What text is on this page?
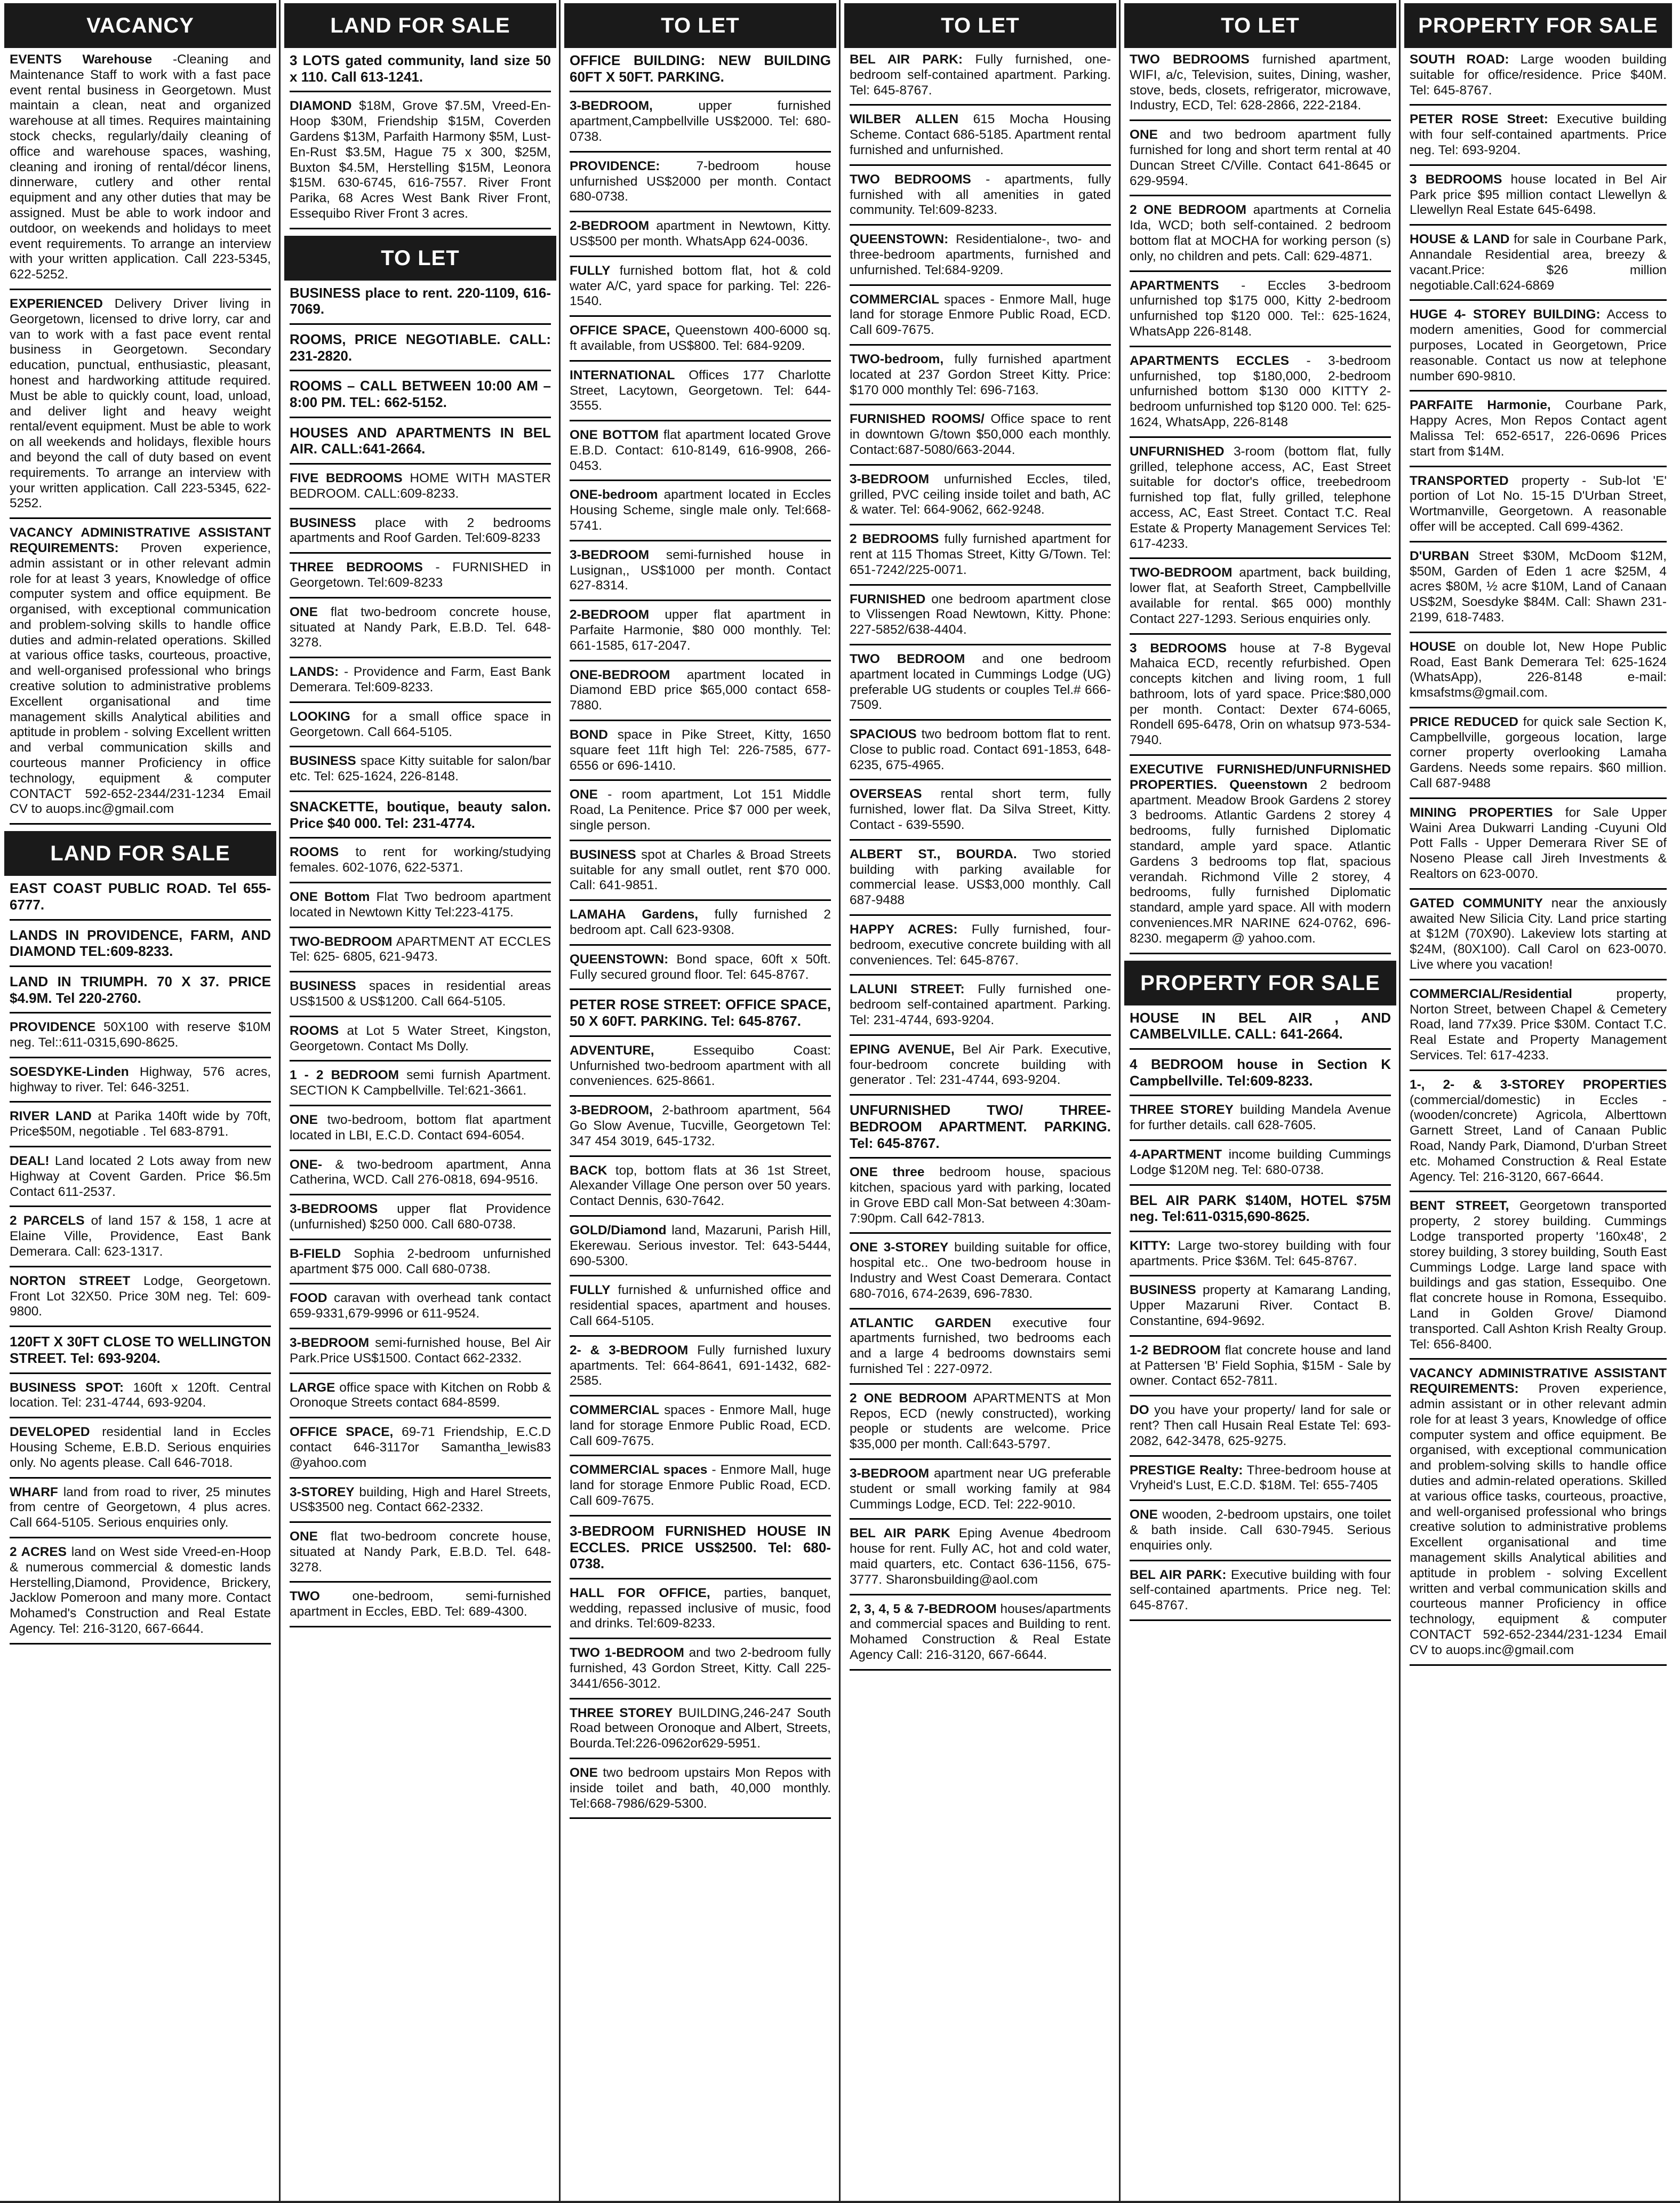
VACANCY
EVENTS Warehouse -Cleaning and Maintenance Staff to work with a fast pace event rental business in Georgetown. Must maintain a clean, neat and organized warehouse at all times. Requires maintaining stock checks, regularly/daily cleaning of office and warehouse spaces, washing, cleaning and ironing of rental/décor linens, dinnerware, cutlery and other rental equipment and any other duties that may be assigned. Must be able to work indoor and outdoor, on weekends and holidays to meet event requirements. To arrange an interview with your written application. Call 223-5345, 622-5252.
EXPERIENCED Delivery Driver living in Georgetown, licensed to drive lorry, car and van to work with a fast pace event rental business in Georgetown. Secondary education, punctual, enthusiastic, pleasant, honest and hardworking attitude required. Must be able to quickly count, load, unload, and deliver light and heavy weight rental/event equipment. Must be able to work on all weekends and holidays, flexible hours and beyond the call of duty based on event requirements. To arrange an interview with your written application. Call 223-5345, 622-5252.
VACANCY ADMINISTRATIVE ASSISTANT REQUIREMENTS: Proven experience, admin assistant or in other relevant admin role for at least 3 years, Knowledge of office computer system and office equipment. Be organised, with exceptional communication and problem-solving skills to handle office duties and admin-related operations. Skilled at various office tasks, courteous, proactive, and well-organised professional who brings creative solution to administrative problems Excellent organisational and time management skills Analytical abilities and aptitude in problem - solving Excellent written and verbal communication skills and courteous manner Proficiency in office technology, equipment & computer CONTACT 592-652-2344/231-1234 Email CV to auops.inc@gmail.com
LAND FOR SALE
EAST COAST PUBLIC ROAD. Tel 655-6777.
LANDS IN PROVIDENCE, FARM, AND DIAMOND TEL:609-8233.
LAND IN TRIUMPH. 70 X 37. PRICE $4.9M. Tel 220-2760.
PROVIDENCE 50X100 with reserve $10M neg. Tel::611-0315,690-8625.
SOESDYKE-Linden Highway, 576 acres, highway to river. Tel: 646-3251.
RIVER LAND at Parika 140ft wide by 70ft, Price$50M, negotiable . Tel 683-8791.
DEAL! Land located 2 Lots away from new Highway at Covent Garden. Price $6.5m Contact 611-2537.
2 PARCELS of land 157 & 158, 1 acre at Elaine Ville, Providence, East Bank Demerara. Call: 623-1317.
NORTON STREET Lodge, Georgetown. Front Lot 32X50. Price 30M neg. Tel: 609-9800.
120FT X 30FT CLOSE TO WELLINGTON STREET. Tel: 693-9204.
BUSINESS SPOT: 160ft x 120ft. Central location. Tel: 231-4744, 693-9204.
DEVELOPED residential land in Eccles Housing Scheme, E.B.D. Serious enquiries only. No agents please. Call 646-7018.
WHARF land from road to river, 25 minutes from centre of Georgetown, 4 plus acres. Call 664-5105. Serious enquiries only.
2 ACRES land on West side Vreed-en-Hoop & numerous commercial & domestic lands Herstelling,Diamond, Providence, Brickery, Jacklow Pomeroon and many more. Contact Mohamed's Construction and Real Estate Agency. Tel: 216-3120, 667-6644.
LAND FOR SALE
3 LOTS gated community, land size 50 x 110. Call 613-1241.
DIAMOND $18M, Grove $7.5M, Vreed-En-Hoop $30M, Friendship $15M, Coverden Gardens $13M, Parfaith Harmony $5M, Lust-En-Rust $3.5M, Hague 75 x 300, $25M, Buxton $4.5M, Herstelling $15M, Leonora $15M. 630-6745, 616-7557. River Front Parika, 68 Acres West Bank River Front, Essequibo River Front 3 acres.
TO LET
BUSINESS place to rent. 220-1109, 616-7069.
ROOMS, PRICE NEGOTIABLE. CALL: 231-2820.
ROOMS – CALL BETWEEN 10:00 AM – 8:00 PM. TEL: 662-5152.
HOUSES AND APARTMENTS IN BEL AIR. CALL:641-2664.
FIVE BEDROOMS HOME WITH MASTER BEDROOM. CALL:609-8233.
BUSINESS place with 2 bedrooms apartments and Roof Garden. Tel:609-8233
THREE BEDROOMS - FURNISHED in Georgetown. Tel:609-8233
ONE flat two-bedroom concrete house, situated at Nandy Park, E.B.D. Tel. 648-3278.
LANDS: - Providence and Farm, East Bank Demerara. Tel:609-8233.
LOOKING for a small office space in Georgetown. Call 664-5105.
BUSINESS space Kitty suitable for salon/bar etc. Tel: 625-1624, 226-8148.
SNACKETTE, boutique, beauty salon. Price $40 000. Tel: 231-4774.
ROOMS to rent for working/studying females. 602-1076, 622-5371.
ONE Bottom Flat Two bedroom apartment located in Newtown Kitty Tel:223-4175.
TWO-BEDROOM APARTMENT AT ECCLES Tel: 625- 6805, 621-9473.
BUSINESS spaces in residential areas US$1500 & US$1200. Call 664-5105.
ROOMS at Lot 5 Water Street, Kingston, Georgetown. Contact Ms Dolly.
1 - 2 BEDROOM semi furnish Apartment. SECTION K Campbellville. Tel:621-3661.
ONE two-bedroom, bottom flat apartment located in LBI, E.C.D. Contact 694-6054.
ONE- & two-bedroom apartment, Anna Catherina, WCD. Call 276-0818, 694-9516.
3-BEDROOMS upper flat Providence (unfurnished) $250 000. Call 680-0738.
B-FIELD Sophia 2-bedroom unfurnished apartment $75 000. Call 680-0738.
FOOD caravan with overhead tank contact 659-9331,679-9996 or 611-9524.
3-BEDROOM semi-furnished house, Bel Air Park.Price US$1500. Contact 662-2332.
LARGE office space with Kitchen on Robb & Oronoque Streets contact 684-8599.
OFFICE SPACE, 69-71 Friendship, E.C.D contact 646-3117or Samantha_lewis83 @yahoo.com
3-STOREY building, High and Harel Streets, US$3500 neg. Contact 662-2332.
ONE flat two-bedroom concrete house, situated at Nandy Park, E.B.D. Tel. 648-3278.
TWO one-bedroom, semi-furnished apartment in Eccles, EBD. Tel: 689-4300.
TO LET
OFFICE BUILDING: NEW BUILDING 60FT X 50FT. PARKING.
3-BEDROOM, upper furnished apartment,Campbellville US$2000. Tel: 680-0738.
PROVIDENCE: 7-bedroom house unfurnished US$2000 per month. Contact 680-0738.
2-BEDROOM apartment in Newtown, Kitty. US$500 per month. WhatsApp 624-0036.
FULLY furnished bottom flat, hot & cold water A/C, yard space for parking. Tel: 226-1540.
OFFICE SPACE, Queenstown 400-6000 sq. ft available, from US$800. Tel: 684-9209.
INTERNATIONAL Offices 177 Charlotte Street, Lacytown, Georgetown. Tel: 644-3555.
ONE BOTTOM flat apartment located Grove E.B.D. Contact: 610-8149, 616-9908, 266-0453.
ONE-bedroom apartment located in Eccles Housing Scheme, single male only. Tel:668-5741.
3-BEDROOM semi-furnished house in Lusignan,, US$1000 per month. Contact 627-8314.
2-BEDROOM upper flat apartment in Parfaite Harmonie, $80 000 monthly. Tel: 661-1585, 617-2047.
ONE-BEDROOM apartment located in Diamond EBD price $65,000 contact 658-7880.
BOND space in Pike Street, Kitty, 1650 square feet 11ft high Tel: 226-7585, 677-6556 or 696-1410.
ONE - room apartment, Lot 151 Middle Road, La Penitence. Price $7 000 per week, single person.
BUSINESS spot at Charles & Broad Streets suitable for any small outlet, rent $70 000. Call: 641-9851.
LAMAHA Gardens, fully furnished 2 bedroom apt. Call 623-9308.
QUEENSTOWN: Bond space, 60ft x 50ft. Fully secured ground floor. Tel: 645-8767.
PETER ROSE STREET: OFFICE SPACE, 50 X 60FT. PARKING. Tel: 645-8767.
ADVENTURE, Essequibo Coast: Unfurnished two-bedroom apartment with all conveniences. 625-8661.
3-BEDROOM, 2-bathroom apartment, 564 Go Slow Avenue, Tucville, Georgetown Tel: 347 454 3019, 645-1732.
BACK top, bottom flats at 36 1st Street, Alexander Village One person over 50 years. Contact Dennis, 630-7642.
GOLD/Diamond land, Mazaruni, Parish Hill, Ekerewau. Serious investor. Tel: 643-5444, 690-5300.
FULLY furnished & unfurnished office and residential spaces, apartment and houses. Call 664-5105.
2- & 3-BEDROOM Fully furnished luxury apartments. Tel: 664-8641, 691-1432, 682-2585.
COMMERCIAL spaces - Enmore Mall, huge land for storage Enmore Public Road, ECD. Call 609-7675.
COMMERCIAL spaces - Enmore Mall, huge land for storage Enmore Public Road, ECD. Call 609-7675.
3-BEDROOM FURNISHED HOUSE IN ECCLES. PRICE US$2500. Tel: 680-0738.
HALL FOR OFFICE, parties, banquet, wedding, repassed inclusive of music, food and drinks. Tel:609-8233.
TWO 1-BEDROOM and two 2-bedroom fully furnished, 43 Gordon Street, Kitty. Call 225- 3441/656-3012.
THREE STOREY BUILDING,246-247 South Road between Oronoque and Albert, Streets, Bourda.Tel:226-0962or629-5951.
ONE two bedroom upstairs Mon Repos with inside toilet and bath, 40,000 monthly. Tel:668-7986/629-5300.
TO LET
BEL AIR PARK: Fully furnished, one-bedroom self-contained apartment. Parking. Tel: 645-8767.
WILBER ALLEN 615 Mocha Housing Scheme. Contact 686-5185. Apartment rental furnished and unfurnished.
TWO BEDROOMS - apartments, fully furnished with all amenities in gated community. Tel:609-8233.
QUEENSTOWN: Residentialone-, two- and three-bedroom apartments, furnished and unfurnished. Tel:684-9209.
COMMERCIAL spaces - Enmore Mall, huge land for storage Enmore Public Road, ECD. Call 609-7675.
TWO-bedroom, fully furnished apartment located at 237 Gordon Street Kitty. Price: $170 000 monthly Tel: 696-7163.
FURNISHED ROOMS/ Office space to rent in downtown G/town $50,000 each monthly. Contact:687-5080/663-2044.
3-BEDROOM unfurnished Eccles, tiled, grilled, PVC ceiling inside toilet and bath, AC & water. Tel: 664-9062, 662-9248.
2 BEDROOMS fully furnished apartment for rent at 115 Thomas Street, Kitty G/Town. Tel: 651-7242/225-0071.
FURNISHED one bedroom apartment close to Vlissengen Road Newtown, Kitty. Phone: 227-5852/638-4404.
TWO BEDROOM and one bedroom apartment located in Cummings Lodge (UG) preferable UG students or couples Tel.# 666-7509.
SPACIOUS two bedroom bottom flat to rent. Close to public road. Contact 691-1853, 648-6235, 675-4965.
OVERSEAS rental short term, fully furnished, lower flat. Da Silva Street, Kitty. Contact - 639-5590.
ALBERT ST., BOURDA. Two storied building with parking available for commercial lease. US$3,000 monthly. Call 687-9488
HAPPY ACRES: Fully furnished, four-bedroom, executive concrete building with all conveniences. Tel: 645-8767.
LALUNI STREET: Fully furnished one-bedroom self-contained apartment. Parking. Tel: 231-4744, 693-9204.
EPING AVENUE, Bel Air Park. Executive, four-bedroom concrete building with generator . Tel: 231-4744, 693-9204.
UNFURNISHED TWO/ THREE-BEDROOM APARTMENT. PARKING. Tel: 645-8767.
ONE three bedroom house, spacious kitchen, spacious yard with parking, located in Grove EBD call Mon-Sat between 4:30am-7:90pm. Call 642-7813.
ONE 3-STOREY building suitable for office, hospital etc.. One two-bedroom house in Industry and West Coast Demerara. Contact 680-7016, 674-2639, 696-7830.
ATLANTIC GARDEN executive four apartments furnished, two bedrooms each and a large 4 bedrooms downstairs semi furnished Tel : 227-0972.
2 ONE BEDROOM APARTMENTS at Mon Repos, ECD (newly constructed), working people or students are welcome. Price $35,000 per month. Call:643-5797.
3-BEDROOM apartment near UG preferable student or small working family at 984 Cummings Lodge, ECD. Tel: 222-9010.
BEL AIR PARK Eping Avenue 4bedroom house for rent. Fully AC, hot and cold water, maid quarters, etc. Contact 636-1156, 675-3777. Sharonsbuilding@aol.com
2, 3, 4, 5 & 7-BEDROOM houses/apartments and commercial spaces and Building to rent. Mohamed Construction & Real Estate Agency Call: 216-3120, 667-6644.
TO LET
TWO BEDROOMS furnished apartment, WIFI, a/c, Television, suites, Dining, washer, stove, beds, closets, refrigerator, microwave, Industry, ECD, Tel: 628-2866, 222-2184.
ONE and two bedroom apartment fully furnished for long and short term rental at 40 Duncan Street C/Ville. Contact 641-8645 or 629-9594.
2 ONE BEDROOM apartments at Cornelia Ida, WCD; both self-contained. 2 bedroom bottom flat at MOCHA for working person (s) only, no children and pets. Call: 629-4871.
APARTMENTS - Eccles 3-bedroom unfurnished top $175 000, Kitty 2-bedroom unfurnished top $120 000. Tel:: 625-1624, WhatsApp 226-8148.
APARTMENTS ECCLES - 3-bedroom unfurnished, top $180,000, 2-bedroom unfurnished bottom $130 000 KITTY 2-bedroom unfurnished top $120 000. Tel: 625-1624, WhatsApp, 226-8148
UNFURNISHED 3-room (bottom flat, fully grilled, telephone access, AC, East Street suitable for doctor's office, treebedroom furnished top flat, fully grilled, telephone access, AC, East Street. Contact T.C. Real Estate & Property Management Services Tel: 617-4233.
TWO-BEDROOM apartment, back building, lower flat, at Seaforth Street, Campbellville available for rental. $65 000) monthly Contact 227-1293. Serious enquiries only.
3 BEDROOMS house at 7-8 Bygeval Mahaica ECD, recently refurbished. Open concepts kitchen and living room, 1 full bathroom, lots of yard space. Price:$80,000 per month. Contact: Dexter 674-6065, Rondell 695-6478, Orin on whatsup 973-534-7940.
EXECUTIVE FURNISHED/UNFURNISHED PROPERTIES. Queenstown 2 bedroom apartment. Meadow Brook Gardens 2 storey 3 bedrooms. Atlantic Gardens 2 storey 4 bedrooms, fully furnished Diplomatic standard, ample yard space. Atlantic Gardens 3 bedrooms top flat, spacious verandah. Richmond Ville 2 storey, 4 bedrooms, fully furnished Diplomatic standard, ample yard space. All with modern conveniences.MR NARINE 624-0762, 696-8230. megaperm @ yahoo.com.
PROPERTY FOR SALE
HOUSE IN BEL AIR , AND CAMBELVILLE. CALL: 641-2664.
4 BEDROOM house in Section K Campbellville. Tel:609-8233.
THREE STOREY building Mandela Avenue for further details. call 628-7605.
4-APARTMENT income building Cummings Lodge $120M neg. Tel: 680-0738.
BEL AIR PARK $140M, HOTEL $75M neg. Tel:611-0315,690-8625.
KITTY: Large two-storey building with four apartments. Price $36M. Tel: 645-8767.
BUSINESS property at Kamarang Landing, Upper Mazaruni River. Contact B. Constantine, 694-9692.
1-2 BEDROOM flat concrete house and land at Pattersen 'B' Field Sophia, $15M - Sale by owner. Contact 652-7811.
DO you have your property/ land for sale or rent? Then call Husain Real Estate Tel: 693-2082, 642-3478, 625-9275.
PRESTIGE Realty: Three-bedroom house at Vryheid's Lust, E.C.D. $18M. Tel: 655-7405
ONE wooden, 2-bedroom upstairs, one toilet & bath inside. Call 630-7945. Serious enquiries only.
BEL AIR PARK: Executive building with four self-contained apartments. Price neg. Tel: 645-8767.
PROPERTY FOR SALE
SOUTH ROAD: Large wooden building suitable for office/residence. Price $40M. Tel: 645-8767.
PETER ROSE Street: Executive building with four self-contained apartments. Price neg. Tel: 693-9204.
3 BEDROOMS house located in Bel Air Park price $95 million contact Llewellyn & Llewellyn Real Estate 645-6498.
HOUSE & LAND for sale in Courbane Park, Annandale Residential area, breezy & vacant.Price: $26 million negotiable.Call:624-6869
HUGE 4- STOREY BUILDING: Access to modern amenities, Good for commercial purposes, Located in Georgetown, Price reasonable. Contact us now at telephone number 690-9810.
PARFAITE Harmonie, Courbane Park, Happy Acres, Mon Repos Contact agent Malissa Tel: 652-6517, 226-0696 Prices start from $14M.
TRANSPORTED property - Sub-lot 'E' portion of Lot No. 15-15 D'Urban Street, Wortmanville, Georgetown. A reasonable offer will be accepted. Call 699-4362.
D'URBAN Street $30M, McDoom $12M, $50M, Garden of Eden 1 acre $25M, 4 acres $80M, ½ acre $10M, Land of Canaan US$2M, Soesdyke $84M. Call: Shawn 231-2199, 618-7483.
HOUSE on double lot, New Hope Public Road, East Bank Demerara Tel: 625-1624 (WhatsApp), 226-8148 e-mail: kmsafstms@gmail.com.
PRICE REDUCED for quick sale Section K, Campbellville, gorgeous location, large corner property overlooking Lamaha Gardens. Needs some repairs. $60 million. Call 687-9488
MINING PROPERTIES for Sale Upper Waini Area Dukwarri Landing -Cuyuni Old Pott Falls - Upper Demerara River SE of Noseno Please call Jireh Investments & Realtors on 623-0070.
GATED COMMUNITY near the anxiously awaited New Silicia City. Land price starting at $12M (70X90). Lakeview lots starting at $24M, (80X100). Call Carol on 623-0070. Live where you vacation!
COMMERCIAL/Residential property, Norton Street, between Chapel & Cemetery Road, land 77x39. Price $30M. Contact T.C. Real Estate and Property Management Services. Tel: 617-4233.
1-, 2- & 3-STOREY PROPERTIES (commercial/domestic) in Eccles - (wooden/concrete) Agricola, Alberttown Garnett Street, Land of Canaan Public Road, Nandy Park, Diamond, D'urban Street etc. Mohamed Construction & Real Estate Agency. Tel: 216-3120, 667-6644.
BENT STREET, Georgetown transported property, 2 storey building. Cummings Lodge transported property '160x48', 2 storey building, 3 storey building, South East Cummings Lodge. Large land space with buildings and gas station, Essequibo. One flat concrete house in Romona, Essequibo. Land in Golden Grove/ Diamond transported. Call Ashton Krish Realty Group. Tel: 656-8400.
VACANCY ADMINISTRATIVE ASSISTANT REQUIREMENTS: Proven experience, admin assistant or in other relevant admin role for at least 3 years, Knowledge of office computer system and office equipment. Be organised, with exceptional communication and problem-solving skills to handle office duties and admin-related operations. Skilled at various office tasks, courteous, proactive, and well-organised professional who brings creative solution to administrative problems Excellent organisational and time management skills Analytical abilities and aptitude in problem - solving Excellent written and verbal communication skills and courteous manner Proficiency in office technology, equipment & computer CONTACT 592-652-2344/231-1234 Email CV to auops.inc@gmail.com
